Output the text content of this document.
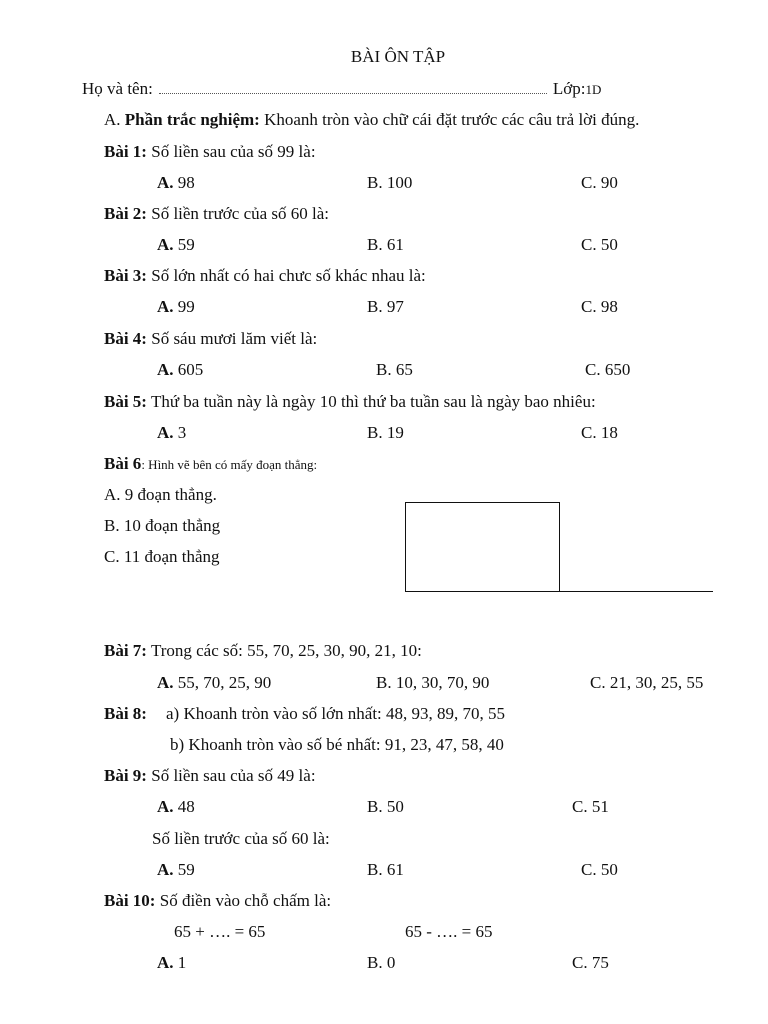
BÀI ÔN TẬP
Họ và tên:	Lớp:1D
A. Phần trắc nghiệm: Khoanh tròn vào chữ cái đặt trước các câu trả lời đúng.
Bài 1: Số liền sau của số 99 là:
A. 98	B. 100	C. 90
Bài 2: Số liền trước của số 60 là:
A. 59	B. 61	C. 50
Bài 3: Số lớn nhất có hai chưc số khác nhau là:
A. 99	B. 97	C. 98
Bài 4: Số sáu mươi lăm viết là:
A. 605	B. 65	C. 650
Bài 5: Thứ ba tuần này là ngày 10 thì thứ ba tuần sau là ngày bao nhiêu:
A. 3	B. 19	C. 18
Bài 6: Hình vẽ bên có mấy đoạn thẳng:
A. 9 đoạn thẳng.
B. 10 đoạn thẳng
C. 11 đoạn thẳng
Bài 7: Trong các số: 55, 70, 25, 30, 90, 21, 10:
A. 55, 70, 25, 90	B. 10, 30, 70, 90	C. 21, 30, 25, 55
Bài 8: a) Khoanh tròn vào số lớn nhất: 48, 93, 89, 70, 55
b) Khoanh tròn vào số bé nhất: 91, 23, 47, 58, 40
Bài 9: Số liền sau của số 49 là:
A. 48	B. 50	C. 51
Số liền trước của số 60 là:
A. 59	B. 61	C. 50
Bài 10: Số điền vào chỗ chấm là:
65 + …. = 65	65 - …. = 65
A. 1	B. 0	C. 75
